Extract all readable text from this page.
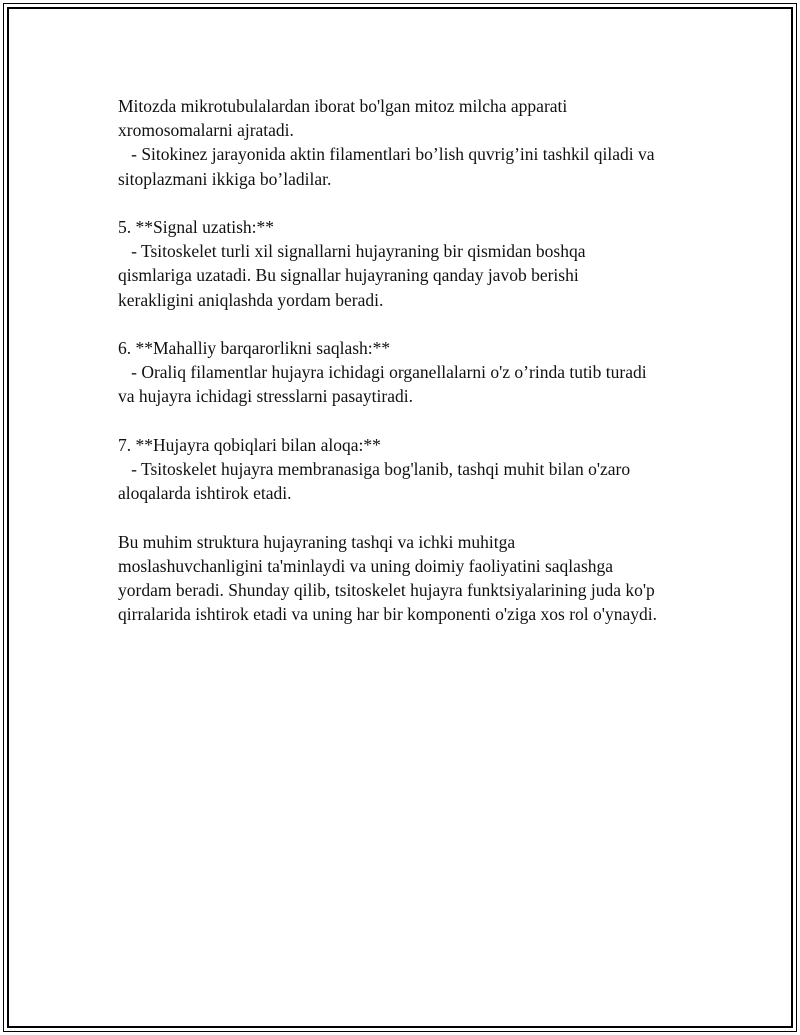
Mitozda mikrotubulalardan iborat bo'lgan mitoz milcha apparati
xromosomalarni ajratadi.
- Sitokinez jarayonida aktin filamentlari bo’lish quvrig’ini tashkil qiladi va
sitoplazmani ikkiga bo’ladilar.
5. **Signal uzatish:**
- Tsitoskelet turli xil signallarni hujayraning bir qismidan boshqa
qismlariga uzatadi. Bu signallar hujayraning qanday javob berishi
kerakligini aniqlashda yordam beradi.
6. **Mahalliy barqarorlikni saqlash:**
- Oraliq filamentlar hujayra ichidagi organellalarni o'z o’rinda tutib turadi
va hujayra ichidagi stresslarni pasaytiradi.
7. **Hujayra qobiqlari bilan aloqa:**
- Tsitoskelet hujayra membranasiga bog'lanib, tashqi muhit bilan o'zaro
aloqalarda ishtirok etadi.
Bu muhim struktura hujayraning tashqi va ichki muhitga
moslashuvchanligini ta'minlaydi va uning doimiy faoliyatini saqlashga
yordam beradi. Shunday qilib, tsitoskelet hujayra funktsiyalarining juda ko'p
qirralarida ishtirok etadi va uning har bir komponenti o'ziga xos rol o'ynaydi.
